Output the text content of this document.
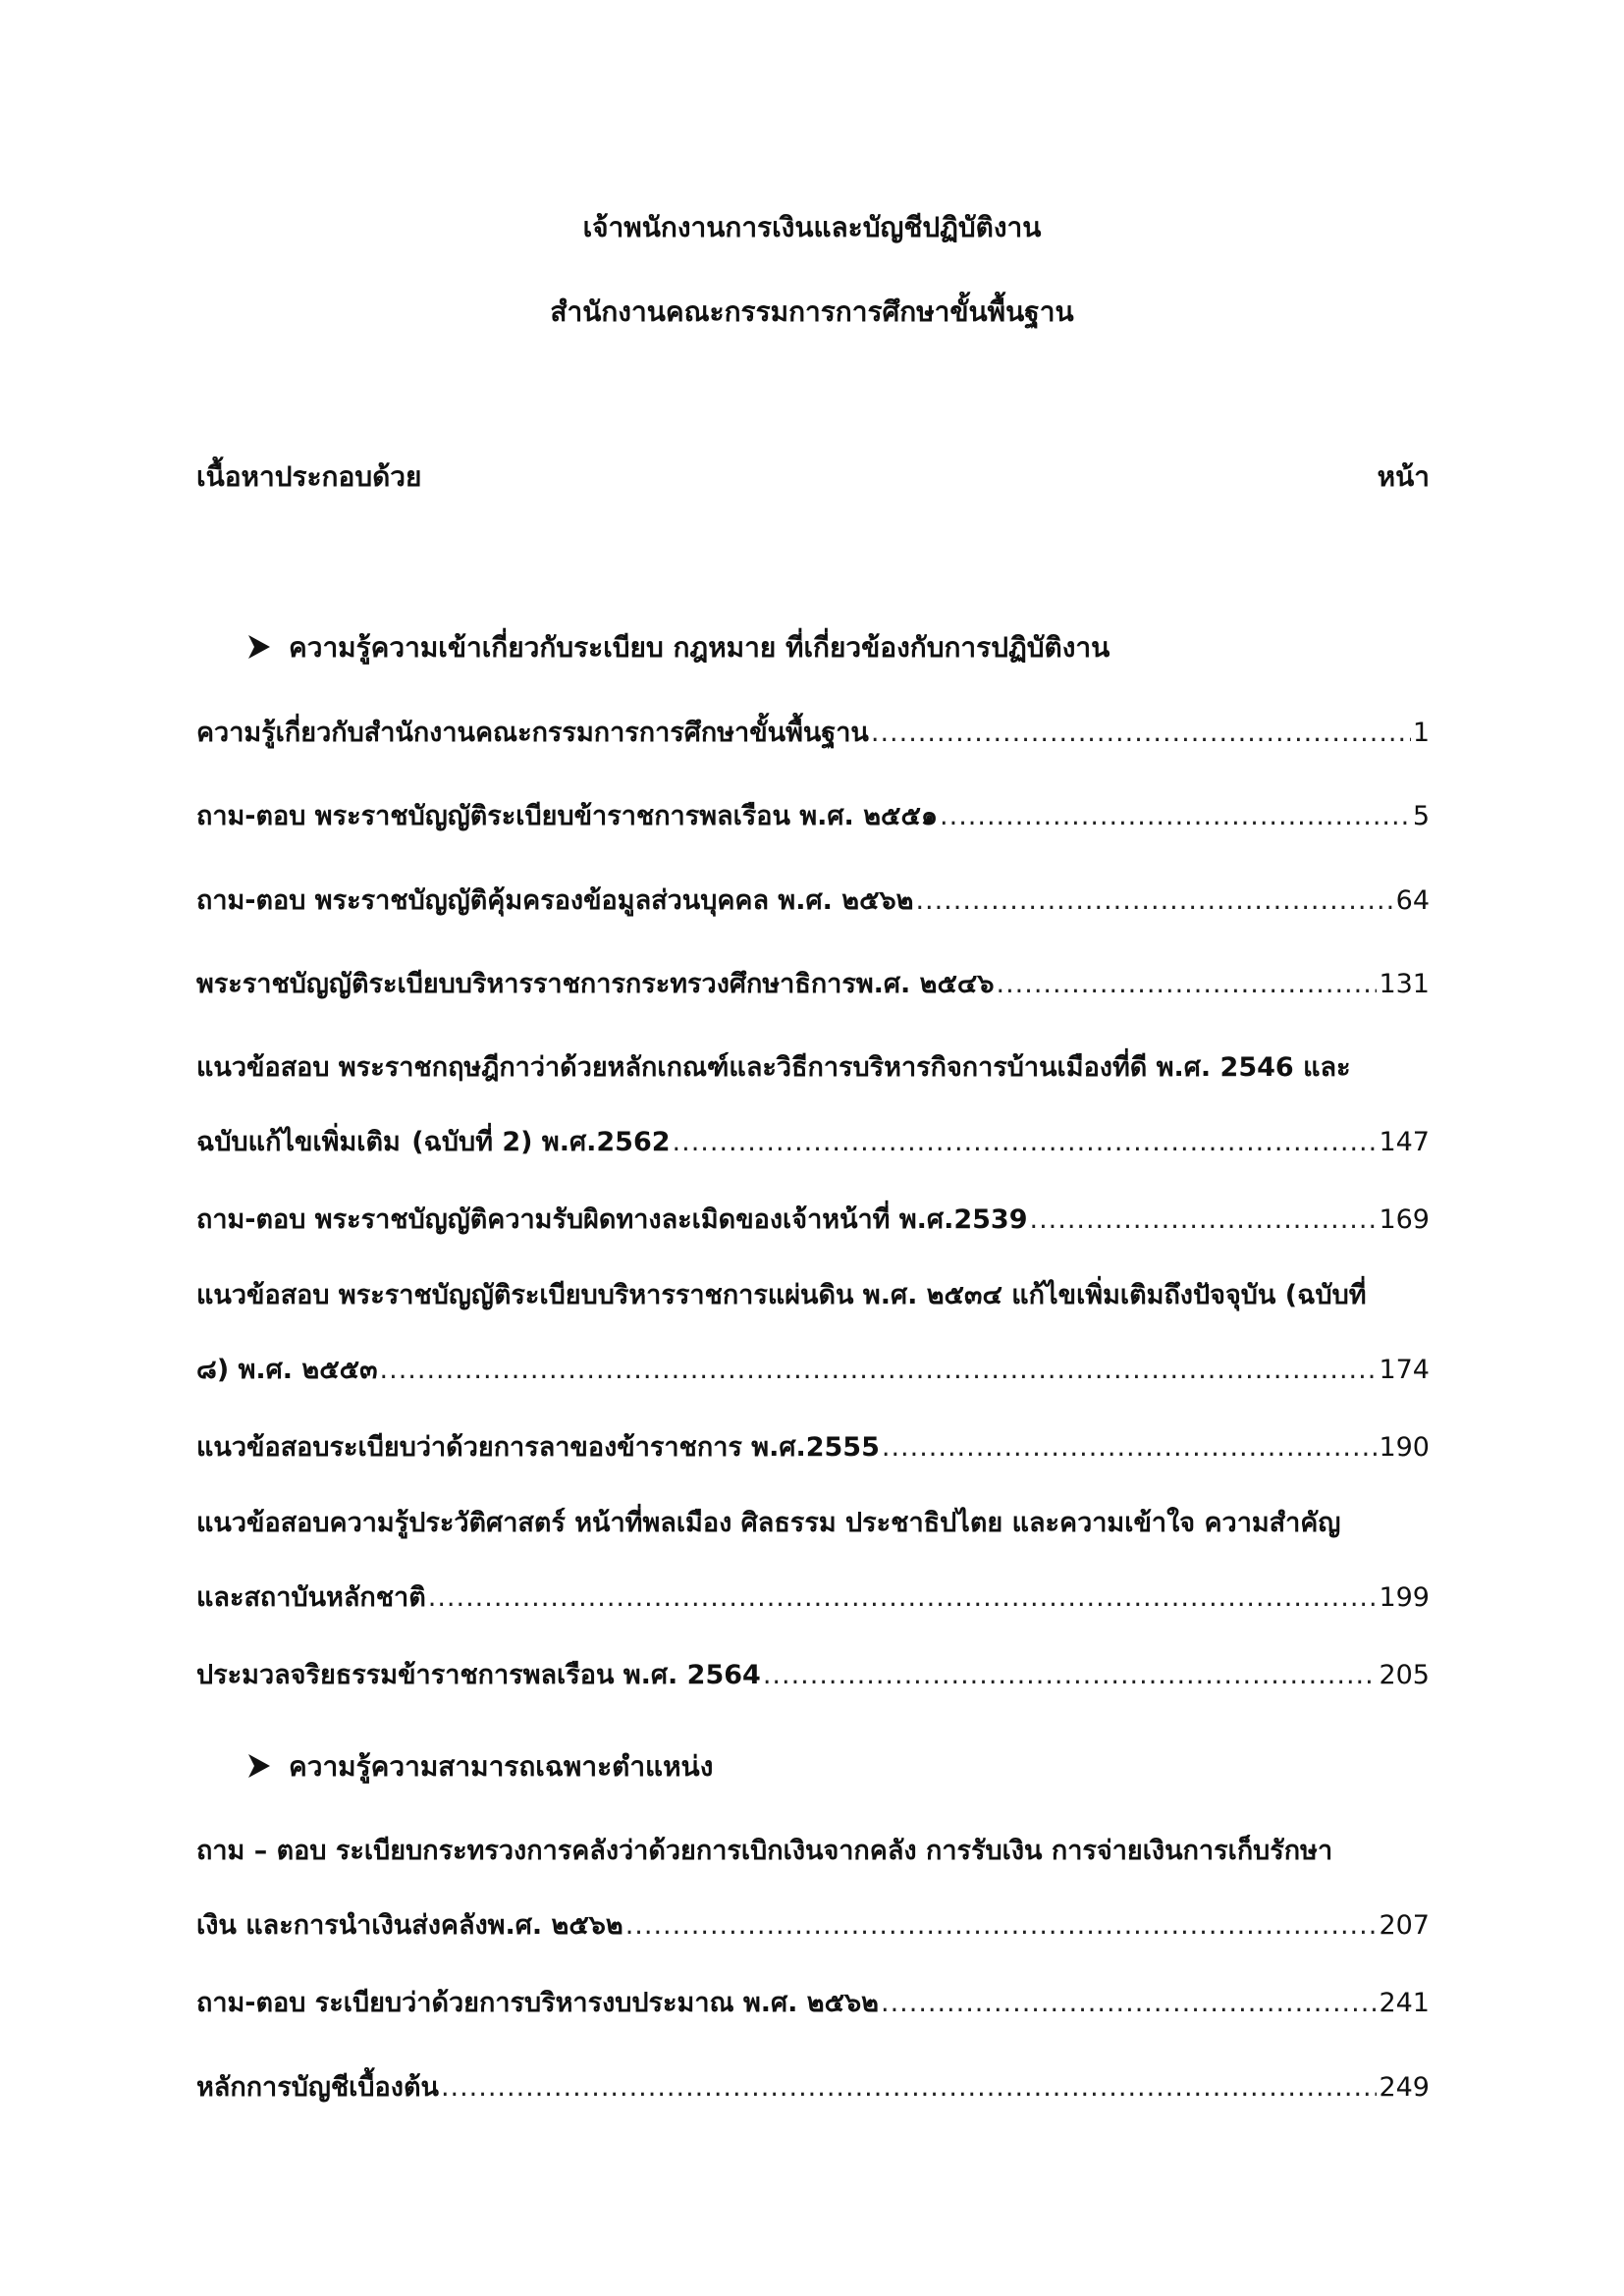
เจ้าพนักงานการเงินและบัญชีปฏิบัติงาน
สำนักงานคณะกรรมการการศึกษาขั้นพื้นฐาน
เนื้อหาประกอบด้วย	หน้า
ความรู้ความเข้าเกี่ยวกับระเบียบ กฎหมาย ที่เกี่ยวข้องกับการปฏิบัติงาน
ความรู้เกี่ยวกับสำนักงานคณะกรรมการการศึกษาขั้นพื้นฐาน .....	1
ถาม-ตอบ พระราชบัญญัติระเบียบข้าราชการพลเรือน พ.ศ. ๒๕๕๑ .....	5
ถาม-ตอบ พระราชบัญญัติคุ้มครองข้อมูลส่วนบุคคล พ.ศ. ๒๕๖๒ .....	64
พระราชบัญญัติระเบียบบริหารราชการกระทรวงศึกษาธิการพ.ศ. ๒๕๔๖ .....	131
แนวข้อสอบ พระราชกฤษฎีกาว่าด้วยหลักเกณฑ์และวิธีการบริหารกิจการบ้านเมืองที่ดี พ.ศ. 2546 และ
ฉบับแก้ไขเพิ่มเติม (ฉบับที่ 2) พ.ศ.2562 .....	147
ถาม-ตอบ พระราชบัญญัติความรับผิดทางละเมิดของเจ้าหน้าที่ พ.ศ.2539 .....	169
แนวข้อสอบ พระราชบัญญัติระเบียบบริหารราชการแผ่นดิน พ.ศ. ๒๕๓๔ แก้ไขเพิ่มเติมถึงปัจจุบัน (ฉบับที่
๘) พ.ศ. ๒๕๕๓ .....	174
แนวข้อสอบระเบียบว่าด้วยการลาของข้าราชการ พ.ศ.2555 .....	190
แนวข้อสอบความรู้ประวัติศาสตร์ หน้าที่พลเมือง ศิลธรรม ประชาธิปไตย และความเข้าใจ ความสำคัญ
และสถาบันหลักชาติ .....	199
ประมวลจริยธรรมข้าราชการพลเรือน พ.ศ. 2564 .....	205
ความรู้ความสามารถเฉพาะตำแหน่ง
ถาม – ตอบ ระเบียบกระทรวงการคลังว่าด้วยการเบิกเงินจากคลัง การรับเงิน การจ่ายเงินการเก็บรักษา
เงิน และการนำเงินส่งคลังพ.ศ. ๒๕๖๒ .....	207
ถาม-ตอบ ระเบียบว่าด้วยการบริหารงบประมาณ พ.ศ. ๒๕๖๒ .....	241
หลักการบัญชีเบื้องต้น .....	249
